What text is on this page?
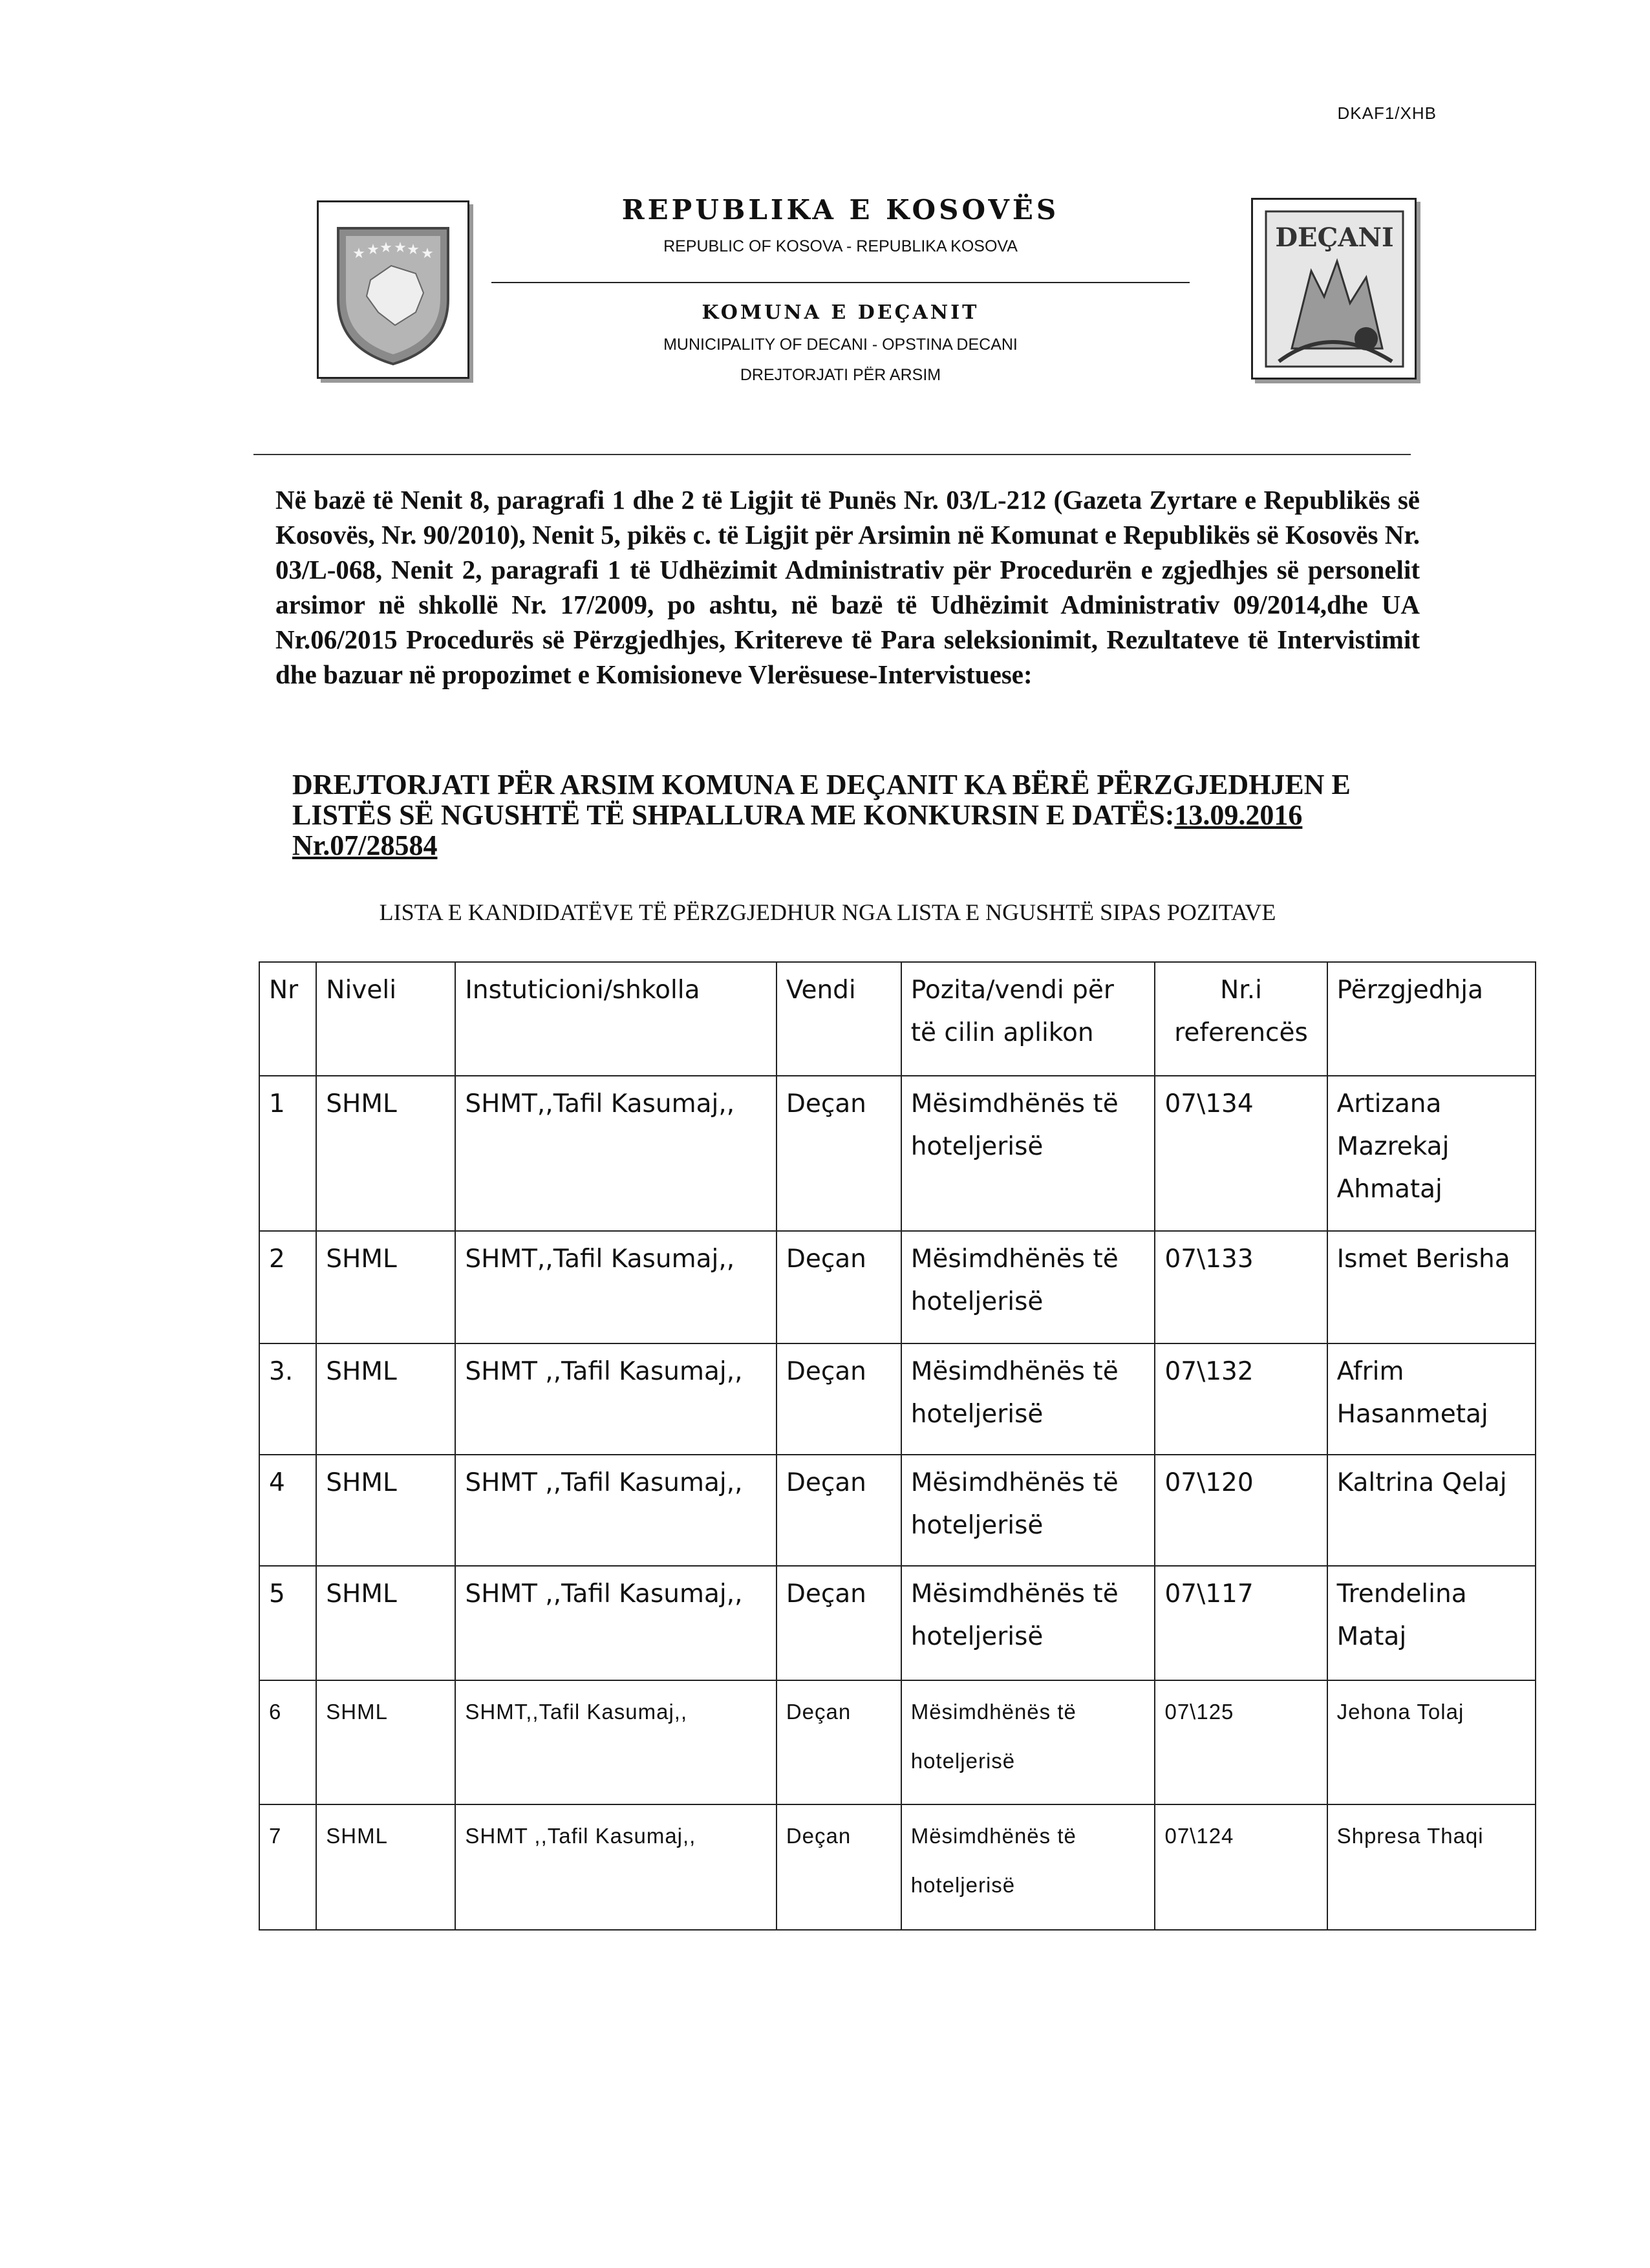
DKAF1/XHB
★ ★ ★ ★ ★ ★
REPUBLIKA E KOSOVËS
REPUBLIC OF KOSOVA - REPUBLIKA KOSOVA
KOMUNA E DEÇANIT
MUNICIPALITY OF DECANI - OPSTINA DECANI
DREJTORJATI PËR ARSIM
DEÇANI
Në bazë të Nenit 8, paragrafi 1 dhe 2 të Ligjit të Punës Nr. 03/L-212 (Gazeta Zyrtare e Republikës së Kosovës, Nr. 90/2010), Nenit 5, pikës c. të Ligjit për Arsimin në Komunat e Republikës së Kosovës Nr. 03/L-068, Nenit 2, paragrafi 1 të Udhëzimit Administrativ për Procedurën e zgjedhjes së personelit arsimor në shkollë Nr. 17/2009, po ashtu, në bazë të Udhëzimit Administrativ 09/2014,dhe UA Nr.06/2015 Procedurës së Përzgjedhjes, Kritereve të Para seleksionimit, Rezultateve të Intervistimit dhe bazuar në propozimet e Komisioneve Vlerësuese-Intervistuese:
DREJTORJATI PËR ARSIM KOMUNA E DEÇANIT KA BËRË PËRZGJEDHJEN E LISTËS SË NGUSHTË TË SHPALLURA ME KONKURSIN E DATËS:13.09.2016
Nr.07/28584
LISTA E KANDIDATËVE TË PËRZGJEDHUR NGA LISTA E NGUSHTË SIPAS POZITAVE
Nr	Niveli	Instuticioni/shkolla	Vendi	Pozita/vendi për të cilin aplikon	Nr.i referencës	Përzgjedhja
1	SHML	SHMT,,Tafil Kasumaj,,	Deçan	Mësimdhënës të hoteljerisë	07\134	Artizana Mazrekaj Ahmataj
2	SHML	SHMT,,Tafil Kasumaj,,	Deçan	Mësimdhënës të hoteljerisë	07\133	Ismet Berisha
3.	SHML	SHMT ,,Tafil Kasumaj,,	Deçan	Mësimdhënës të hoteljerisë	07\132	Afrim Hasanmetaj
4	SHML	SHMT ,,Tafil Kasumaj,,	Deçan	Mësimdhënës të hoteljerisë	07\120	Kaltrina Qelaj
5	SHML	SHMT ,,Tafil Kasumaj,,	Deçan	Mësimdhënës të hoteljerisë	07\117	Trendelina Mataj
6	SHML	SHMT,,Tafil Kasumaj,,	Deçan	Mësimdhënës të hoteljerisë	07\125	Jehona Tolaj
7	SHML	SHMT ,,Tafil Kasumaj,,	Deçan	Mësimdhënës të hoteljerisë	07\124	Shpresa Thaqi
